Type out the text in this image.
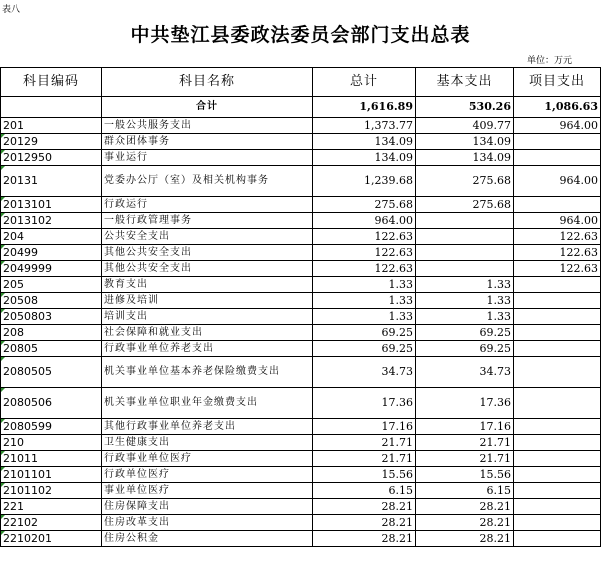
表八
中共垫江县委政法委员会部门支出总表
单位：万元
科目编码	科目名称	总计	基本支出	项目支出
	合计	1,616.89	530.26	1,086.63
201	一般公共服务支出	1,373.77	409.77	964.00

20129	群众团体事务	134.09	134.09	

2012950	事业运行	134.09	134.09	

20131	党委办公厅（室）及相关机构事务	1,239.68	275.68	964.00

2013101	行政运行	275.68	275.68	

2013102	一般行政管理事务	964.00		964.00
204	公共安全支出	122.63		122.63

20499	其他公共安全支出	122.63		122.63

2049999	其他公共安全支出	122.63		122.63
205	教育支出	1.33	1.33	

20508	进修及培训	1.33	1.33	

2050803	培训支出	1.33	1.33	
208	社会保障和就业支出	69.25	69.25	

20805	行政事业单位养老支出	69.25	69.25	

2080505	机关事业单位基本养老保险缴费支出	34.73	34.73	

2080506	机关事业单位职业年金缴费支出	17.36	17.36	

2080599	其他行政事业单位养老支出	17.16	17.16	
210	卫生健康支出	21.71	21.71	

21011	行政事业单位医疗	21.71	21.71	

2101101	行政单位医疗	15.56	15.56	

2101102	事业单位医疗	6.15	6.15	
221	住房保障支出	28.21	28.21	

22102	住房改革支出	28.21	28.21	

2210201	住房公积金	28.21	28.21	
